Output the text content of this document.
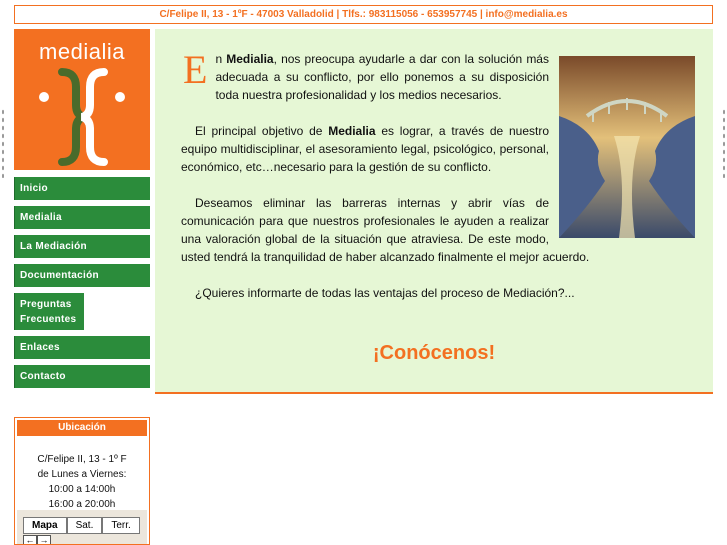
C/Felipe II, 13 - 1ºF - 47003 Valladolid | Tlfs.: 983115056 - 653957745 | info@medialia.es
medialia
Inicio
Medialia
La Mediación
Documentación
Preguntas Frecuentes
Enlaces
Contacto

En Medialia, nos preocupa ayudarle a dar con la solución más adecuada a su conflicto, por ello ponemos a su disposición toda nuestra profesionalidad y los medios necesarios.

El principal objetivo de Medialia es lograr, a través de nuestro equipo multidisciplinar, el asesoramiento legal, psicológico, personal, económico, etc…necesario para la gestión de su conflicto.

Deseamos eliminar las barreras internas y abrir vías de comunicación para que nuestros profesionales le ayuden a realizar una valoración global de la situación que atraviesa. De este modo, usted tendrá la tranquilidad de haber alcanzado finalmente el mejor acuerdo.

¿Quieres informarte de todas las ventajas del proceso de Mediación?...

¡Conócenos!
Ubicación
C/Felipe II, 13 - 1º F
de Lunes a Viernes:
10:00 a 14:00h
16:00 a 20:00h
Mapa	Sat.	Terr.
← →
